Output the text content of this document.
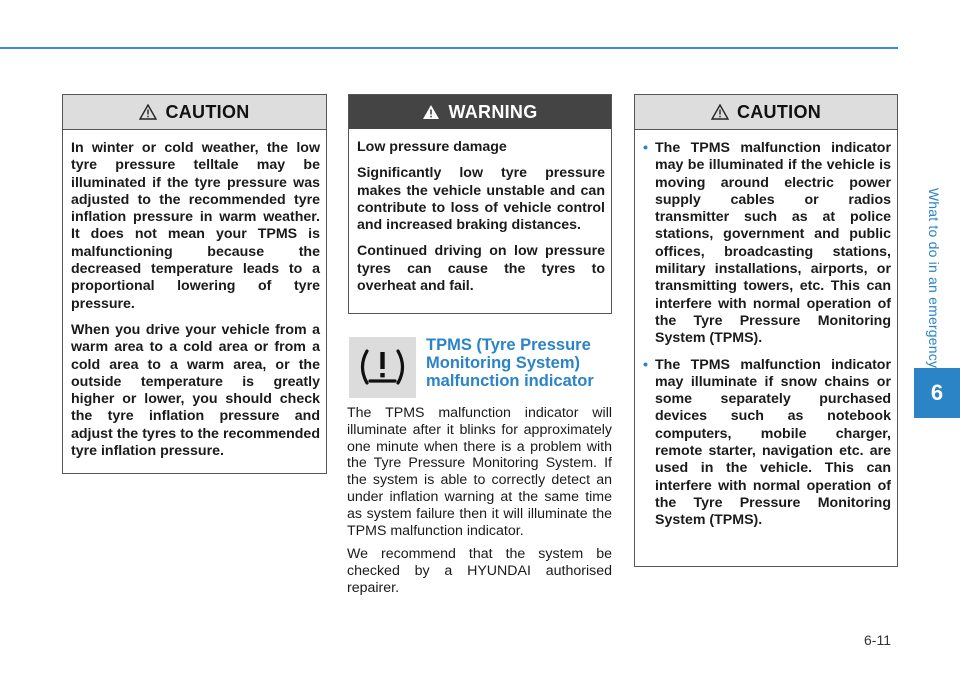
CAUTION

In winter or cold weather, the low tyre pressure telltale may be illuminated if the tyre pressure was adjusted to the recommended tyre inflation pressure in warm weather. It does not mean your TPMS is malfunctioning because the decreased temperature leads to a proportional lowering of tyre pressure.

When you drive your vehicle from a warm area to a cold area or from a cold area to a warm area, or the outside temperature is greatly higher or lower, you should check the tyre inflation pressure and adjust the tyres to the recommended tyre inflation pressure.

WARNING

Low pressure damage

Significantly low tyre pressure makes the vehicle unstable and can contribute to loss of vehicle control and increased braking distances.

Continued driving on low pressure tyres can cause the tyres to overheat and fail.

TPMS (Tyre Pressure Monitoring System) malfunction indicator

The TPMS malfunction indicator will illuminate after it blinks for approximately one minute when there is a problem with the Tyre Pressure Monitoring System. If the system is able to correctly detect an under inflation warning at the same time as system failure then it will illuminate the TPMS malfunction indicator.

We recommend that the system be checked by a HYUNDAI authorised repairer.

CAUTION
• The TPMS malfunction indicator may be illuminated if the vehicle is moving around electric power supply cables or radios transmitter such as at police stations, government and public offices, broadcasting stations, military installations, airports, or transmitting towers, etc. This can interfere with normal operation of the Tyre Pressure Monitoring System (TPMS).
• The TPMS malfunction indicator may illuminate if snow chains or some separately purchased devices such as notebook computers, mobile charger, remote starter, navigation etc. are used in the vehicle. This can interfere with normal operation of the Tyre Pressure Monitoring System (TPMS).
What to do in an emergency
6
6-11
